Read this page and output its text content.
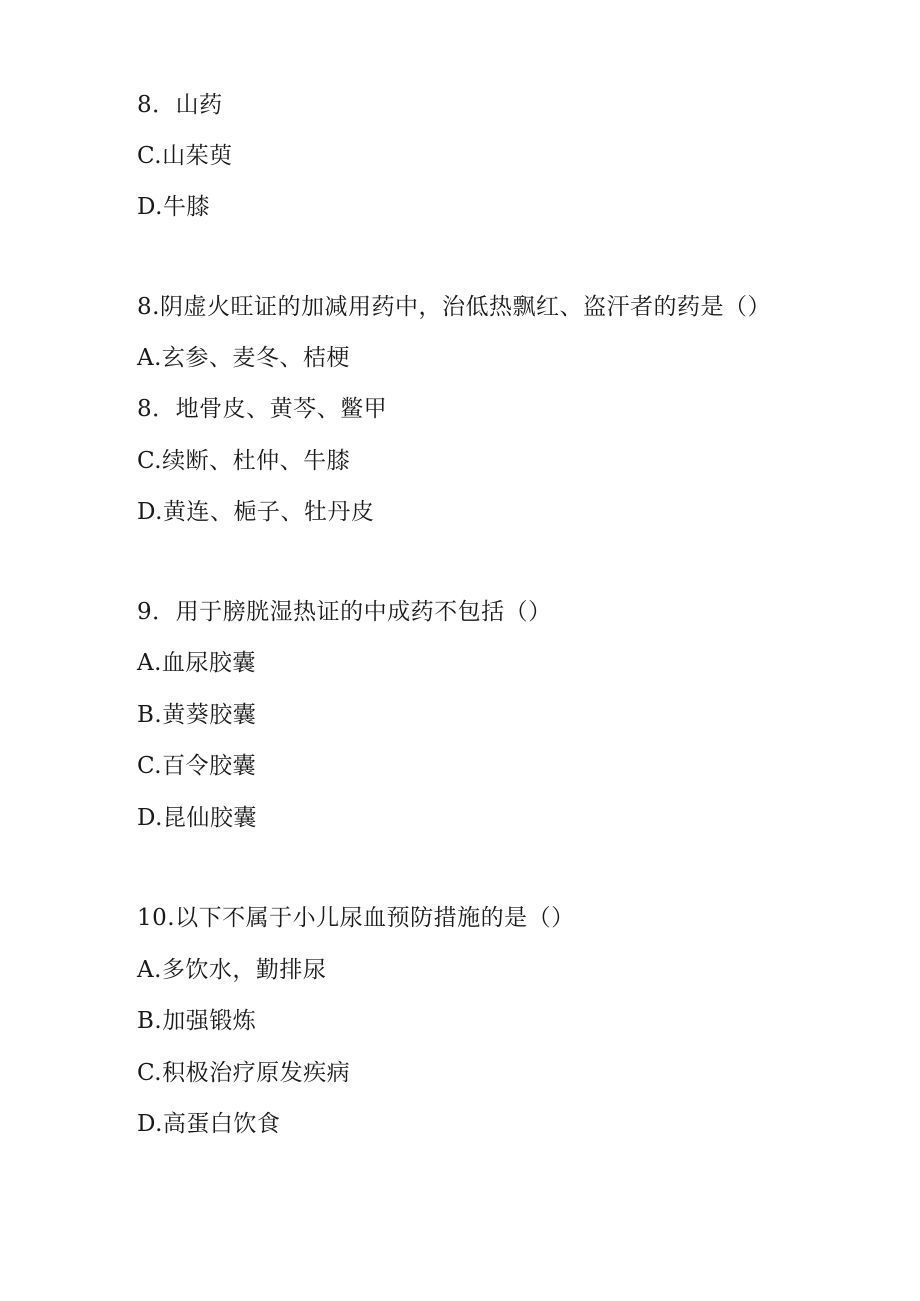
8．山药
C.山茱萸
D.牛膝
8.阴虚火旺证的加减用药中，治低热飘红、盗汗者的药是（）
A.玄参、麦冬、桔梗
8．地骨皮、黄芩、鳖甲
C.续断、杜仲、牛膝
D.黄连、梔子、牡丹皮
9．用于膀胱湿热证的中成药不包括（）
A.血尿胶囊
B.黄葵胶囊
C.百令胶囊
D.昆仙胶囊
10.以下不属于小儿尿血预防措施的是（）
A.多饮水，勤排尿
B.加强锻炼
C.积极治疗原发疾病
D.高蛋白饮食
